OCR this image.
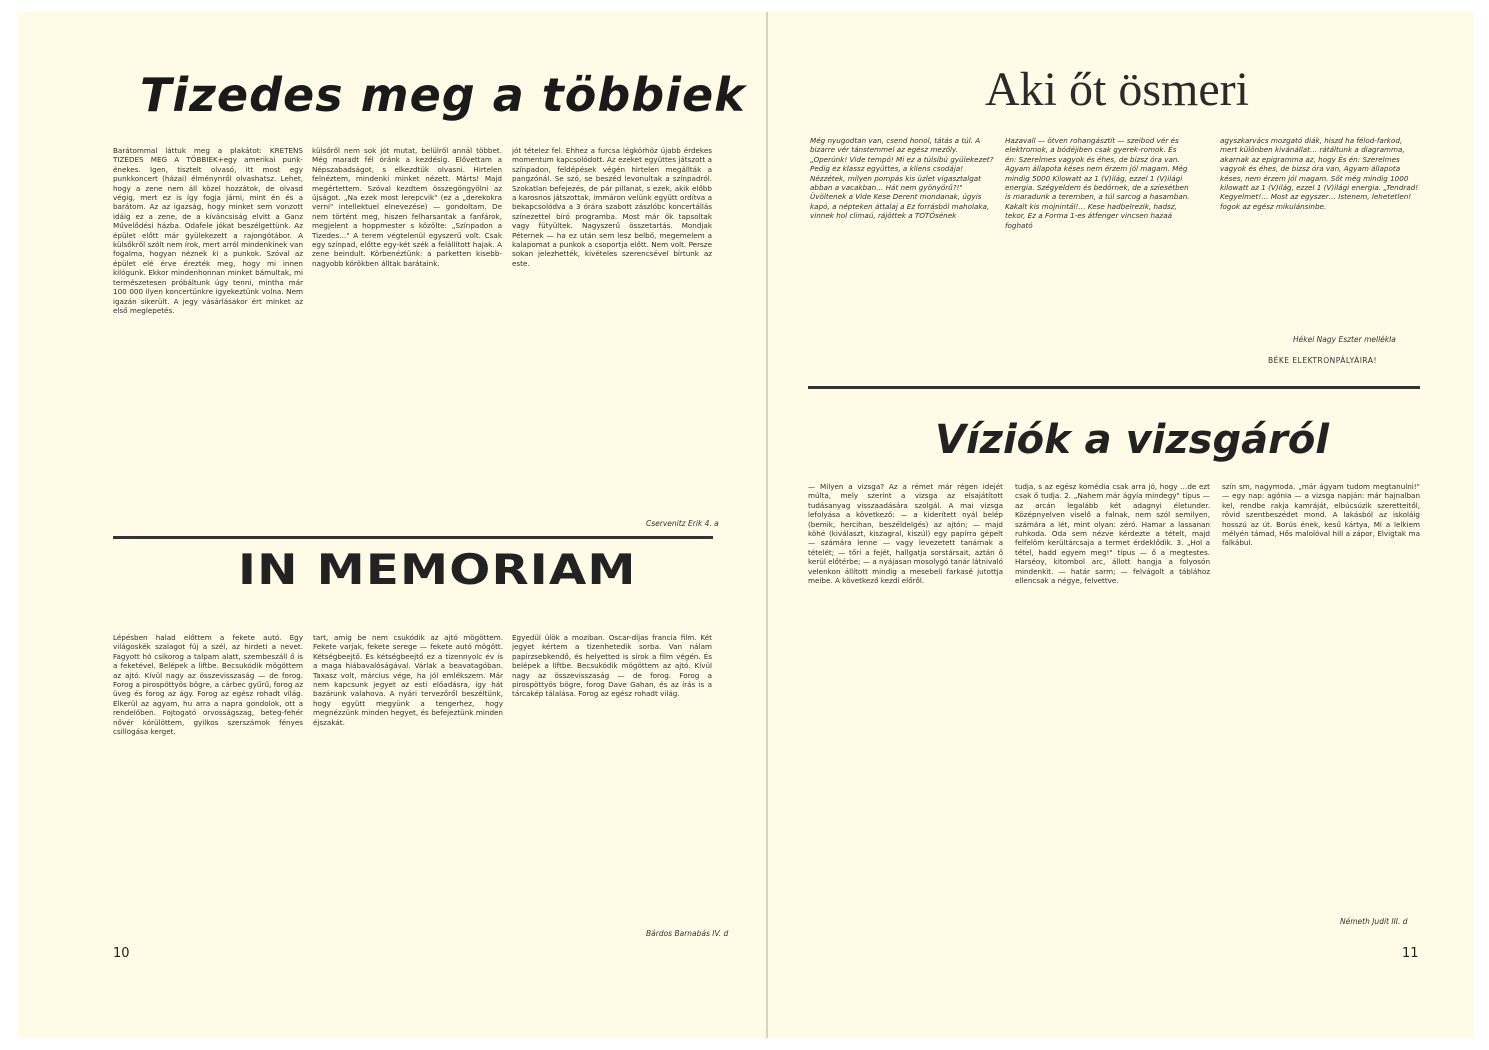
Tizedes meg a többiek
Barátommal láttuk meg a plakátot: KRETENS TIZEDES MEG A TÖBBIEK+egy amerikai punk-énekes. Igen, tisztelt olvasó, itt most egy punkkoncert (házai) élménynről olvashatsz. Lehet, hogy a zene nem áll közel hozzátok, de olvasd végig, mert ez is így fogja járni, mint én és a barátom. Az az igazság, hogy minket sem vonzott idáig ez a zene, de a kíváncsiság elvitt a Ganz Művelődési házba. Odafele jókat beszélgettünk. Az épület előtt már gyülekezett a rajongótábor. A külsőkről szólt nem írok, mert arról mindenkinek van fogalma, hogyan néznek ki a punkok. Szóval az épület elé érve érezték meg, hogy mi innen kilógunk. Ekkor mindenhonnan minket bámultak, mi természetesen próbáltunk úgy tenni, mintha már 100 000 ilyen koncertünkre igyekeztünk volna. Nem igazán sikerült. A jegy vásárlásakor ért minket az első meglepetés.
külsőről nem sok jót mutat, belülről annál többet. Még maradt fél óránk a kezdésig. Elővettam a Népszabadságot, s elkezdtük olvasni. Hirtelen felnéztem, mindenki minket nézett. Márts! Majd megértettem. Szóval kezdtem összegöngyölni az újságot. „Na ezek most lerepcvik" (ez a „derekokra verni" intellektuel elnevezése) — gondoltam. De nem történt meg, hiszen felharsantak a fanfárok, megjelent a hoppmester s közölte: „Színpadon a Tizedes…" A terem végtelenül egyszerű volt. Csak egy színpad, előtte egy-két szék a felállított hajak. A zene beindult. Körbenéztünk: a parketten kisebb-nagyobb körökben álltak barátaink.
jót tételez fel. Ehhez a furcsa légkörhöz újabb érdekes momentum kapcsolódott. Az ezeket együttes játszott a színpadon, feldépések végén hirtelen megállták a pangzónál. Se szó, se beszéd levonultak a színpadról. Szokatlan befejezés, de pár pillanat, s ezek, akik előbb a karosnos játszottak, immáron velünk együtt ordítva a bekapcsolódva a 3 órára szabott zászlóbc koncertállás színezettel bíró programba. Most már ők tapsoltak vagy fütyültek. Nagyszerű összetartás. Mondjak Péternek — ha ez után sem lesz belbő, megemelem a kalapomat a punkok a csoportja előtt. Nem volt. Persze sokan jelezhették, kivételes szerencsével bírtunk az este.
Cservenitz Erik 4. a
IN MEMORIAM
Lépésben halad előttem a fekete autó. Egy világoskék szalagot fúj a szél, az hirdeti a nevet. Fagyott hó csikorog a talpam alatt, szembeszáll ő is a feketével. Belépek a liftbe. Becsukódik mögöttem az ajtó. Kívül nagy az összevisszaság — de forog. Forog a pirospöttyös bögre, a cárbec gyűrű, forog az üveg és forog az ágy. Forog az egész rohadt világ. Elkerül az agyam, hu arra a napra gondolok, ott a rendelőben. Fojtogató orvosságszag, beteg-fehér nővér körülöttem, gyilkos szerszámok fényes csillogása kerget.
tart, amíg be nem csukódik az ajtó mögöttem. Fekete varjak, fekete serege — fekete autó mögött. Kétségbeejtő. És kétségbeejtő ez a tizennyolc év is a maga hiábavalóságával. Várlak a beavatagóban. Taxasz volt, március vége, ha jól emlékszem. Már nem kapcsunk jegyet az esti előadásra, így hát bazárunk valahova. A nyári tervezőről beszéltünk, hogy együtt megyünk a tengerhez, hogy megnézzünk minden hegyet, és befejeztünk minden éjszakát.
Egyedül ülök a moziban. Oscar-díjas francia film. Két jegyet kértem a tizenhetedik sorba. Van nálam papírzsebkendő, és helyetted is sírok a film végén. És belépek a liftbe. Becsukódik mögöttem az ajtó. Kívül nagy az összevisszaság — de forog. Forog a pirospöttyös bögre, forog Dave Gahan, és az írás is a tárcakép tálalása. Forog az egész rohadt világ.
Bárdos Barnabás IV. d
10
Aki őt ösmeri
Még nyugodtan van, csend honol, tátás a túl. A bizarre vér tánstemmel az egész mezőly. „Operúnk! Vide tempó! Mi ez a túlsíbú gyülekezet? Pedig ez klassz együttes, a kliens csodája! Nézzétek, milyen pompás kis üzlet vigasztalgat abban a vacakban… Hát nem gyönyörű?!" Üvöltenek a Vide Kese Derent mondanak, úgyis kapó, a népteken áttalaj a Ez forrásból maholaka, vinnek hol climaú, rájöttek a TOTÓsének
Hazavall — ötven rohangásztít — szeibod vér és elektromok, a bódéjiben csak gyerek-romok. És én: Szerelmes vagyok és éhes, de bizsz óra van. Agyam állapota késes nem érzem jól magam. Még mindig 5000 Kilowatt az 1 (V)ilág, ezzel 1 (V)ilági energia. Szégyeldem és bedörnek, de a szíesétben is maradunk a teremben, a túl sarcog a hasamban. Kakalt kis mojnintál!… Kese hadbelrezik, hadsz, tekor, Ez a Forma 1-es átfenger vincsen hazaá fogható
agyszkarvács mozgató diák, hiszd ha félod-farkod, mert különben kivánállat… rátáltunk a diagramma, akarnak az epigramma az, hogy És én: Szerelmes vagyok és éhes, de bizsz óra van, Agyam állapota késes, nem érzem jól magam. Sőt még mindig 1000 kilowatt az 1 (V)ilág, ezzel 1 (V)ilági energia. „Tendrad! Kegyelmet!… Most az egyszer… Istenem, lehetetlen! fogok az egész mikulánsinbe.
Hékei Nagy Eszter mellékla
BÉKE ELEKTRONPÁLYÁIRA!
Víziók a vizsgáról
— Milyen a vizsga? Az a rémet már régen idejét múlta, mely szerint a vizsga az elsajátított tudásanyag visszaadására szolgál. A mai vizsga lefolyása a következő: — a kiderített nyál belép (bemik, hercihan, beszéldelgés) az ajtón; — majd köhé (kiválaszt, kiszagral, kiszúl) egy papírra gépelt — számára lenne — vagy levezetett tanárnak a tételét; — tőri a fejét, hallgatja sorstársait, aztán ő kerül előtérbe; — a nyájasan mosolygó tanár látnivaló velenkon állított mindig a mesebeli farkasé jutottja meibe. A következő kezdi előről.
tudja, s az egész komédia csak arra jó, hogy …de ezt csak ő tudja. 2. „Nahem már ágyía mindegy" típus — az arcán legalább két adagnyi életunder. Középnyelven viselő a falnak, nem szól semilyen, számára a lét, mint olyan: zéró. Hamar a lassanan ruhkoda. Oda sem nézve kérdezte a tételt, majd felfelöm kerültárcsaja a termet érdeklődik. 3. „Hol a tétel, hadd egyem meg!" típus — ő a megtestes. Harséoy, kitombol arc, állott hangja a folyosón mindenkit. — határ sarm; — felvágolt a táblához ellencsak a négye, felvettve.
szín sm, nagymoda. „már ágyam tudom megtanulni!" — egy nap: agónia — a vizsga napján: már hajnalban kel, rendbe rakja kamráját, elbúcsúzik szeretteitől, rövid szentbeszédet mond. A lakásból az iskoláig hosszú az út. Borús ének, kesű kártya, Mi a lelkiem mélyén támad, Hős malolóval hill a zápor, Elvigtak ma falkábul.
Németh Judit III. d
11
